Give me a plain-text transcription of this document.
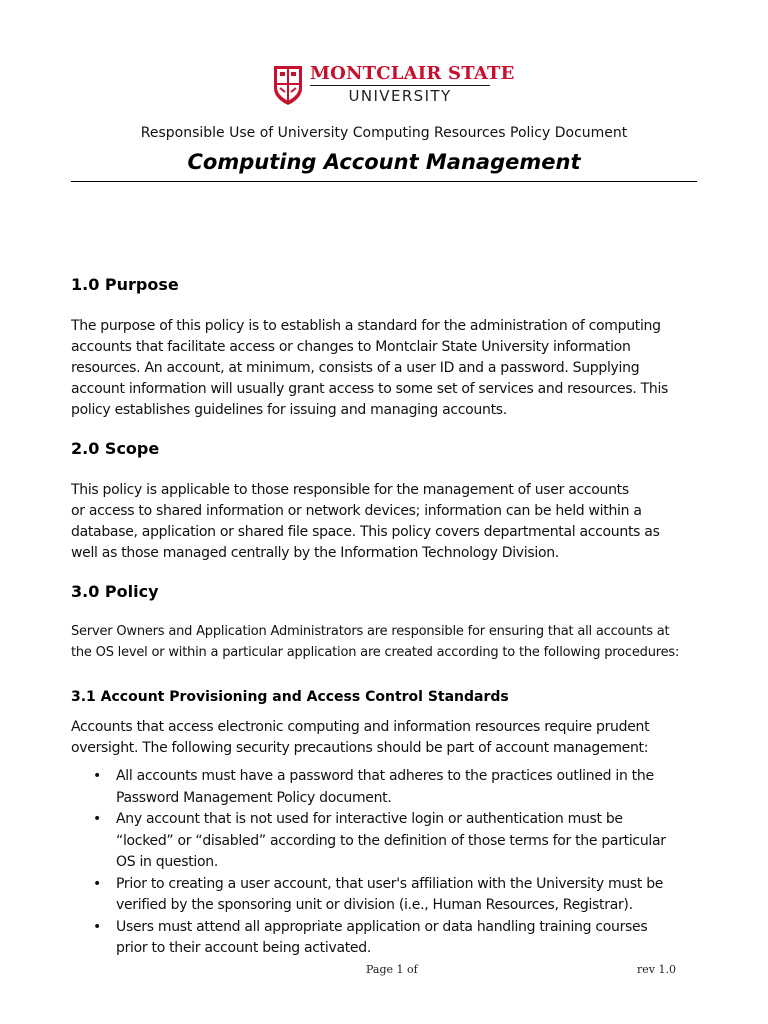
MONTCLAIR STATE
UNIVERSITY
Responsible Use of University Computing Resources Policy Document
Computing Account Management
1.0 Purpose
The purpose of this policy is to establish a standard for the administration of computing
accounts that facilitate access or changes to Montclair State University information
resources. An account, at minimum, consists of a user ID and a password. Supplying
account information will usually grant access to some set of services and resources. This
policy establishes guidelines for issuing and managing accounts.
2.0 Scope
This policy is applicable to those responsible for the management of user accounts
or access to shared information or network devices; information can be held within a
database, application or shared file space. This policy covers departmental accounts as
well as those managed centrally by the Information Technology Division.
3.0 Policy
Server Owners and Application Administrators are responsible for ensuring that all accounts at
the OS level or within a particular application are created according to the following procedures:
3.1 Account Provisioning and Access Control Standards
Accounts that access electronic computing and information resources require prudent
oversight. The following security precautions should be part of account management:
• All accounts must have a password that adheres to the practices outlined in the
Password Management Policy document.
• Any account that is not used for interactive login or authentication must be
“locked” or “disabled” according to the definition of those terms for the particular
OS in question.
• Prior to creating a user account, that user's affiliation with the University must be
verified by the sponsoring unit or division (i.e., Human Resources, Registrar).
• Users must attend all appropriate application or data handling training courses
prior to their account being activated.
Page 1 of	rev 1.0
